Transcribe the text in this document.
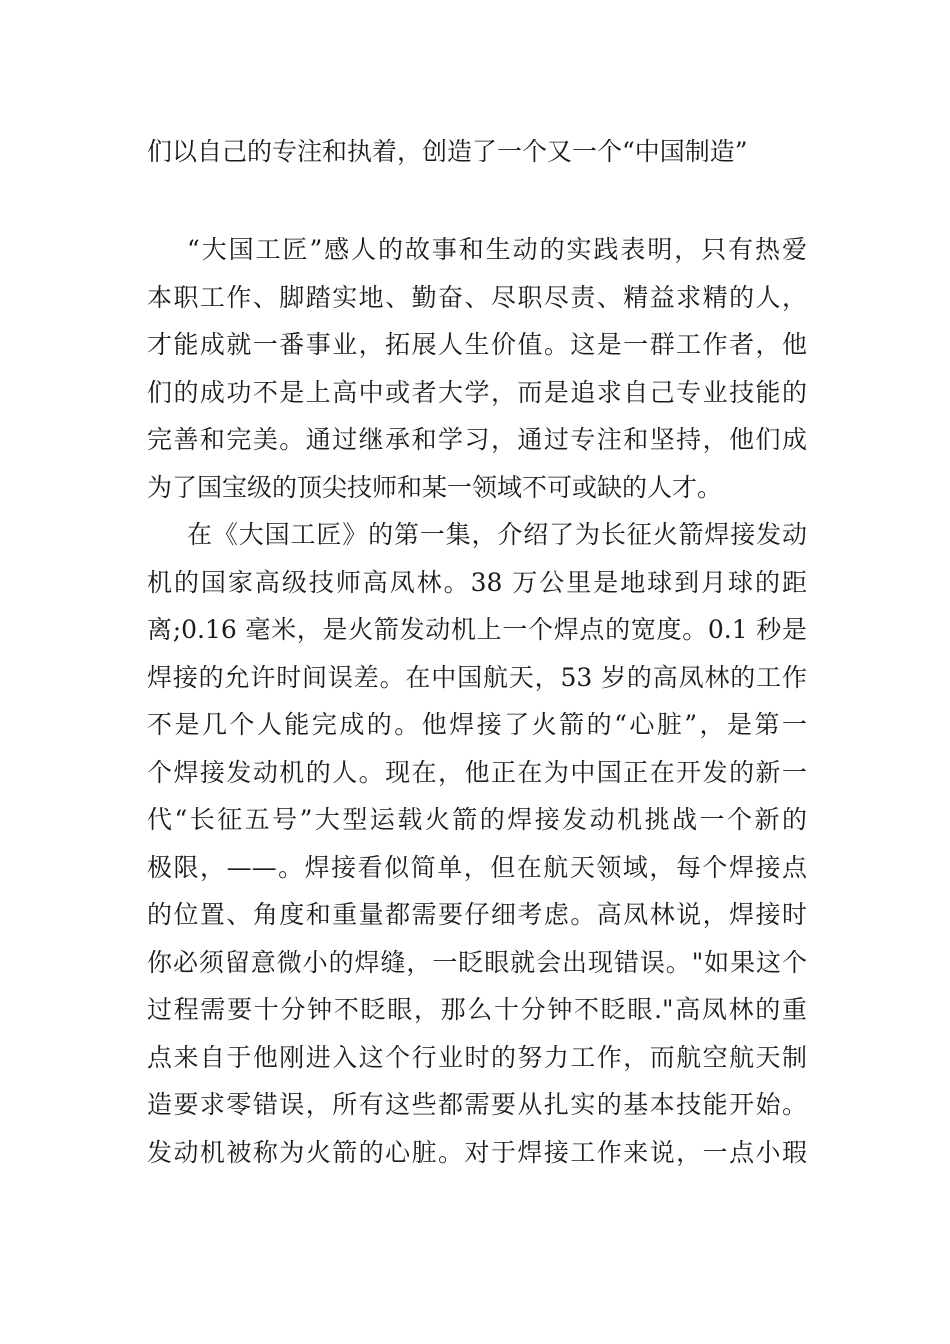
们以自己的专注和执着，创造了一个又一个“中国制造”
“大国工匠”感人的故事和生动的实践表明，只有热爱
本职工作、脚踏实地、勤奋、尽职尽责、精益求精的人，
才能成就一番事业，拓展人生价值。这是一群工作者，他
们的成功不是上高中或者大学，而是追求自己专业技能的
完善和完美。通过继承和学习，通过专注和坚持，他们成
为了国宝级的顶尖技师和某一领域不可或缺的人才。
在《大国工匠》的第一集，介绍了为长征火箭焊接发动
机的国家高级技师高凤林。38 万公里是地球到月球的距
离;0.16 毫米，是火箭发动机上一个焊点的宽度。0.1 秒是
焊接的允许时间误差。在中国航天，53 岁的高凤林的工作
不是几个人能完成的。他焊接了火箭的“心脏”，是第一
个焊接发动机的人。现在，他正在为中国正在开发的新一
代“长征五号”大型运载火箭的焊接发动机挑战一个新的
极限，——。焊接看似简单，但在航天领域，每个焊接点
的位置、角度和重量都需要仔细考虑。高凤林说，焊接时
你必须留意微小的焊缝，一眨眼就会出现错误。"如果这个
过程需要十分钟不眨眼，那么十分钟不眨眼."高凤林的重
点来自于他刚进入这个行业时的努力工作，而航空航天制
造要求零错误，所有这些都需要从扎实的基本技能开始。
发动机被称为火箭的心脏。对于焊接工作来说，一点小瑕
